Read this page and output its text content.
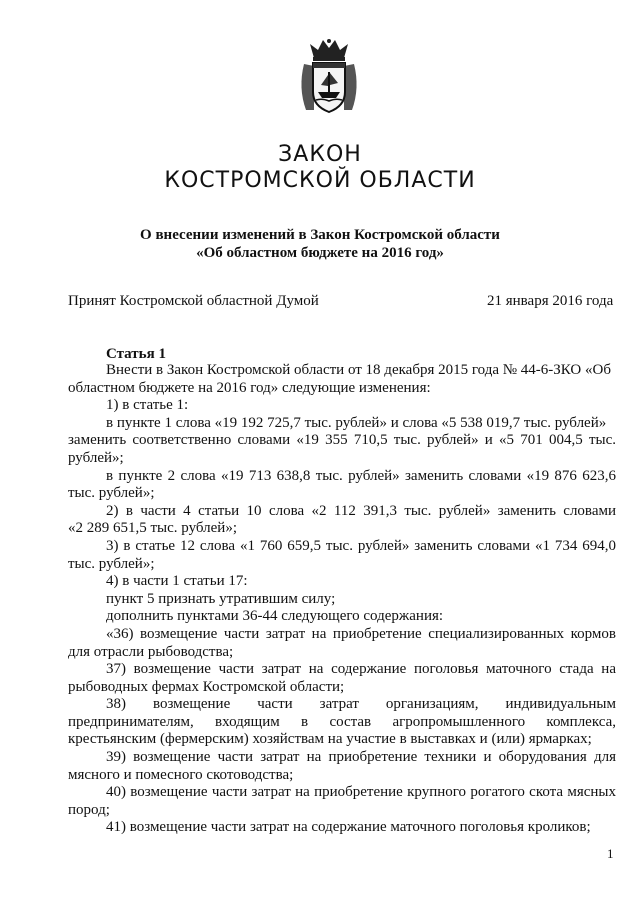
ЗАКОН
КОСТРОМСКОЙ ОБЛАСТИ
О внесении изменений в Закон Костромской области
«Об областном бюджете на 2016 год»
Принят Костромской областной Думой	21 января 2016 года
Статья 1
Внести в Закон Костромской области от 18 декабря 2015 года № 44-6-ЗКО «Об
областном бюджете на 2016 год» следующие изменения:
1) в статье 1:
в пункте 1 слова «19 192 725,7 тыс. рублей» и слова «5 538 019,7 тыс. рублей»
заменить соответственно словами «19 355 710,5 тыс. рублей» и «5 701 004,5 тыс.
рублей»;
в пункте 2 слова «19 713 638,8 тыс. рублей» заменить словами «19 876 623,6
тыс. рублей»;
2) в части 4 статьи 10 слова «2 112 391,3 тыс. рублей» заменить словами
«2 289 651,5 тыс. рублей»;
3) в статье 12 слова «1 760 659,5 тыс. рублей» заменить словами «1 734 694,0
тыс. рублей»;
4) в части 1 статьи 17:
пункт 5 признать утратившим силу;
дополнить пунктами 36-44 следующего содержания:
«36) возмещение части затрат на приобретение специализированных кормов
для отрасли рыбоводства;
37) возмещение части затрат на содержание поголовья маточного стада на
рыбоводных фермах Костромской области;
38) возмещение части затрат организациям, индивидуальным
предпринимателям, входящим в состав агропромышленного комплекса,
крестьянским (фермерским) хозяйствам на участие в выставках и (или) ярмарках;
39) возмещение части затрат на приобретение техники и оборудования для
мясного и помесного скотоводства;
40) возмещение части затрат на приобретение крупного рогатого скота мясных
пород;
41) возмещение части затрат на содержание маточного поголовья кроликов;
1
